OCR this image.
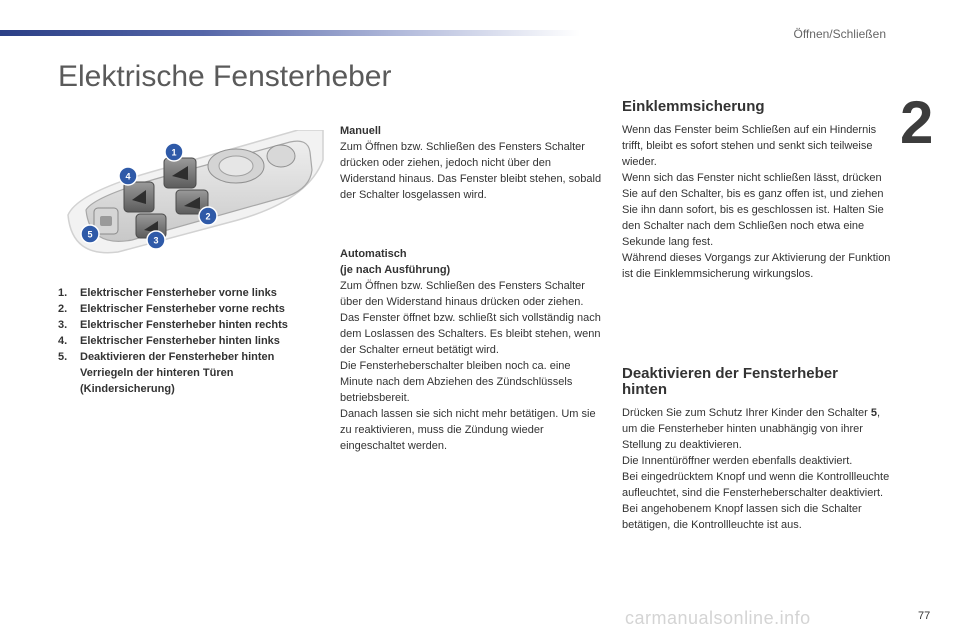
Öffnen/Schließen
2
Elektrische Fensterheber
1
2
3
4
5
1.	Elektrischer Fensterheber vorne links
2.	Elektrischer Fensterheber vorne rechts
3.	Elektrischer Fensterheber hinten rechts
4.	Elektrischer Fensterheber hinten links
5.	Deaktivieren der Fensterheber hinten Verriegeln der hinteren Türen (Kindersicherung)
Manuell
Zum Öffnen bzw. Schließen des Fensters Schalter drücken oder ziehen, jedoch nicht über den Widerstand hinaus. Das Fenster bleibt stehen, sobald der Schalter losgelassen wird.
Automatisch
(je nach Ausführung)
Zum Öffnen bzw. Schließen des Fensters Schalter über den Widerstand hinaus drücken oder ziehen. Das Fenster öffnet bzw. schließt sich vollständig nach dem Loslassen des Schalters. Es bleibt stehen, wenn der Schalter erneut betätigt wird.
Die Fensterheberschalter bleiben noch ca. eine Minute nach dem Abziehen des Zündschlüssels betriebsbereit.
Danach lassen sie sich nicht mehr betätigen. Um sie zu reaktivieren, muss die Zündung wieder eingeschaltet werden.
Einklemmsicherung
Wenn das Fenster beim Schließen auf ein Hindernis trifft, bleibt es sofort stehen und senkt sich teilweise wieder.
Wenn sich das Fenster nicht schließen lässt, drücken Sie auf den Schalter, bis es ganz offen ist, und ziehen Sie ihn dann sofort, bis es geschlossen ist. Halten Sie den Schalter nach dem Schließen noch etwa eine Sekunde lang fest.
Während dieses Vorgangs zur Aktivierung der Funktion ist die Einklemmsicherung wirkungslos.
Deaktivieren der Fensterheber hinten
Drücken Sie zum Schutz Ihrer Kinder den Schalter 5, um die Fensterheber hinten unabhängig von ihrer Stellung zu deaktivieren.
Die Innentüröffner werden ebenfalls deaktiviert.
Bei eingedrücktem Knopf und wenn die Kontrollleuchte aufleuchtet, sind die Fensterheberschalter deaktiviert. Bei angehobenem Knopf lassen sich die Schalter betätigen, die Kontrollleuchte ist aus.
carmanualsonline.info	77
